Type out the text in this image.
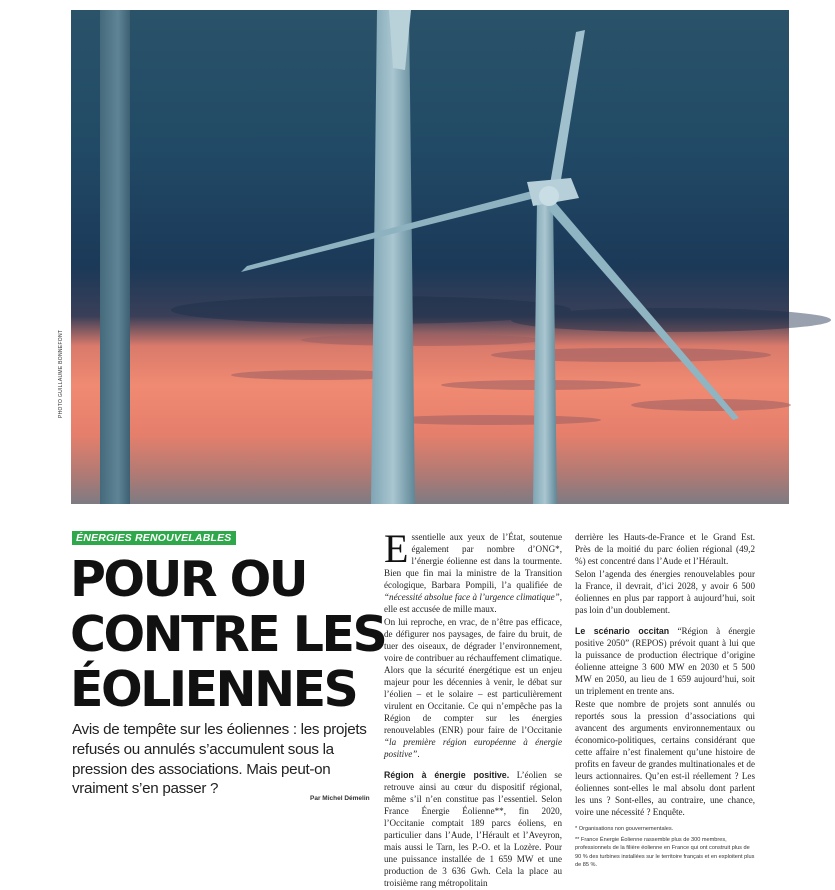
PHOTO GUILLAUME BONNEFONT
ÉNERGIES RENOUVELABLES
POUR OU
CONTRE LES
ÉOLIENNES
Avis de tempête sur les éoliennes : les projets refusés ou annulés s’accumulent sous la pression des associations. Mais peut-on vraiment s’en passer ?
Par Michel Démelin

Essentielle aux yeux de l’État, soutenue également par nombre d’ONG*, l’énergie éolienne est dans la tourmente. Bien que fin mai la ministre de la Transition écologique, Barbara Pompili, l’a qualifiée de “nécessité absolue face à l’urgence climatique”, elle est accusée de mille maux.

On lui reproche, en vrac, de n’être pas efficace, de défigurer nos paysages, de faire du bruit, de tuer des oiseaux, de dégrader l’environnement, voire de contribuer au réchauffement climatique. Alors que la sécurité énergétique est un enjeu majeur pour les décennies à venir, le débat sur l’éolien – et le solaire – est particulièrement virulent en Occitanie. Ce qui n’empêche pas la Région de compter sur les énergies renouvelables (ENR) pour faire de l’Occitanie “la première région européenne à énergie positive”.

Région à énergie positive. L’éolien se retrouve ainsi au cœur du dispositif régional, même s’il n’en constitue pas l’essentiel. Selon France Énergie Éolienne**, fin 2020, l’Occitanie comptait 189 parcs éoliens, en particulier dans l’Aude, l’Hérault et l’Aveyron, mais aussi le Tarn, les P.-O. et la Lozère. Pour une puissance installée de 1 659 MW et une production de 3 636 Gwh. Cela la place au troisième rang métropolitain

derrière les Hauts-de-France et le Grand Est. Près de la moitié du parc éolien régional (49,2 %) est concentré dans l’Aude et l’Hérault.

Selon l’agenda des énergies renouvelables pour la France, il devrait, d’ici 2028, y avoir 6 500 éoliennes en plus par rapport à aujourd’hui, soit pas loin d’un doublement.

Le scénario occitan “Région à énergie positive 2050” (REPOS) prévoit quant à lui que la puissance de production électrique d’origine éolienne atteigne 3 600 MW en 2030 et 5 500 MW en 2050, au lieu de 1 659 aujourd’hui, soit un triplement en trente ans.

Reste que nombre de projets sont annulés ou reportés sous la pression d’associations qui avancent des arguments environnementaux ou économico-politiques, certains considérant que cette affaire n’est finalement qu’une histoire de profits en faveur de grandes multinationales et de leurs actionnaires. Qu’en est-il réellement ? Les éoliennes sont-elles le mal absolu dont parlent les uns ? Sont-elles, au contraire, une chance, voire une nécessité ? Enquête.

* Organisations non gouvernementales.

** France Énergie Éolienne rassemble plus de 300 membres, professionnels de la filière éolienne en France qui ont construit plus de 90 % des turbines installées sur le territoire français et en exploitent plus de 85 %.
